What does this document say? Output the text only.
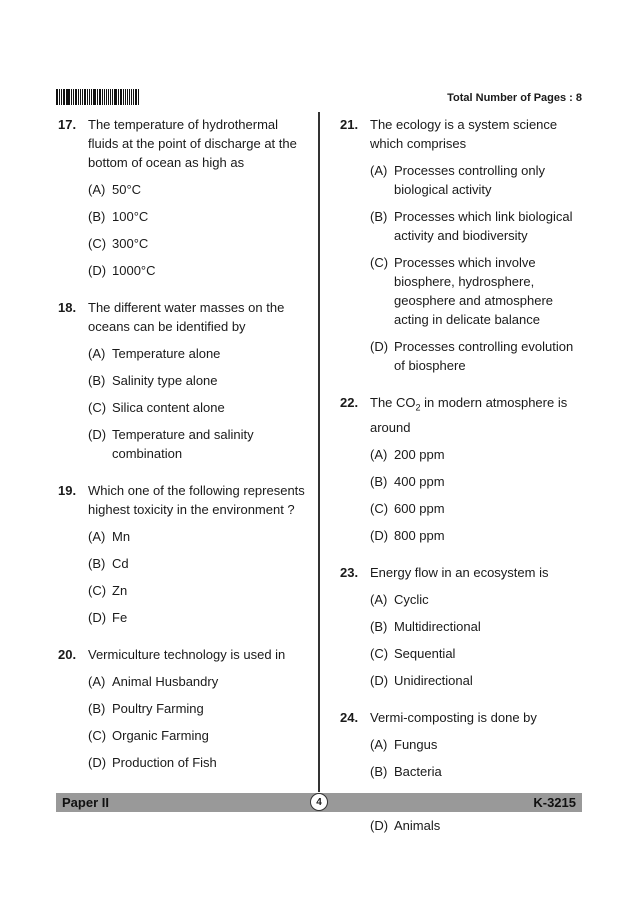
Total Number of Pages : 8
17. The temperature of hydrothermal fluids at the point of discharge at the bottom of ocean as high as
(A) 50°C
(B) 100°C
(C) 300°C
(D) 1000°C
18. The different water masses on the oceans can be identified by
(A) Temperature alone
(B) Salinity type alone
(C) Silica content alone
(D) Temperature and salinity combination
19. Which one of the following represents highest toxicity in the environment ?
(A) Mn
(B) Cd
(C) Zn
(D) Fe
20. Vermiculture technology is used in
(A) Animal Husbandry
(B) Poultry Farming
(C) Organic Farming
(D) Production of Fish
21. The ecology is a system science which comprises
(A) Processes controlling only biological activity
(B) Processes which link biological activity and biodiversity
(C) Processes which involve biosphere, hydrosphere, geosphere and atmosphere acting in delicate balance
(D) Processes controlling evolution of biosphere
22. The $CO_2$ in modern atmosphere is around
(A) 200 ppm
(B) 400 ppm
(C) 600 ppm
(D) 800 ppm
23. Energy flow in an ecosystem is
(A) Cyclic
(B) Multidirectional
(C) Sequential
(D) Unidirectional
24. Vermi-composting is done by
(A) Fungus
(B) Bacteria
(D) Animals
Paper II	4	K-3215
